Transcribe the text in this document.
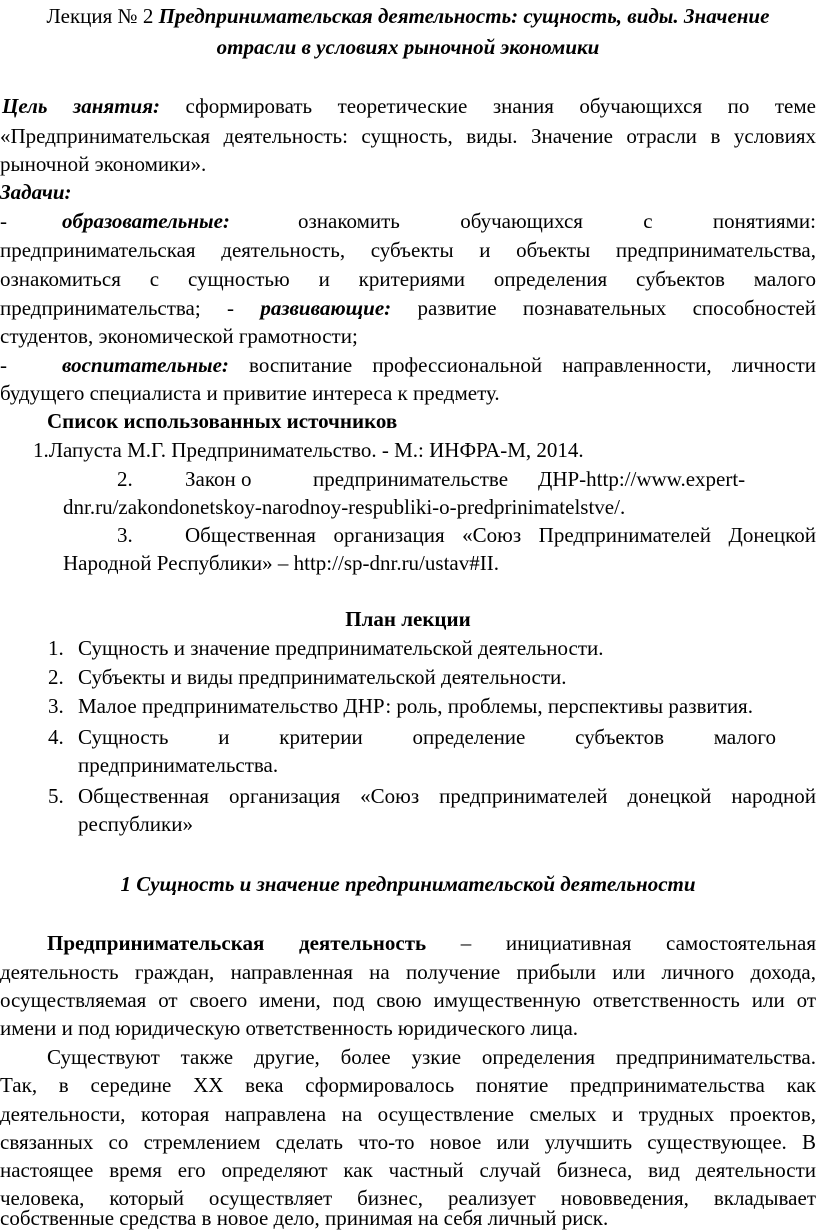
Лекция № 2 Предпринимательская деятельность: сущность, виды. Значение
отрасли в условиях рыночной экономики
Цель занятия: сформировать теоретические знания обучающихся по теме
«Предпринимательская деятельность: сущность, виды. Значение отрасли в условиях
рыночной экономики».
Задачи:
-	образовательные:	ознакомить обучающихся с понятиями:
предпринимательская деятельность, субъекты и объекты предпринимательства,
ознакомиться с сущностью и критериями определения субъектов малого
предпринимательства; - развивающие: развитие познавательных способностей
студентов, экономической грамотности;
-	воспитательные: воспитание профессиональной направленности, личности
будущего специалиста и привитие интереса к предмету.
Список использованных источников
1.Лапуста М.Г. Предпринимательство. - М.: ИНФРА-М, 2014.
2. Закон о	предпринимательстве ДНР-http://www.expert-
dnr.ru/zakondonetskoy-narodnoy-respubliki-o-predprinimatelstve/.
3. Общественная организация «Союз Предпринимателей Донецкой
Народной Республики» – http://sp-dnr.ru/ustav#II.
План лекции
1. Сущность и значение предпринимательской деятельности.
2. Субъекты и виды предпринимательской деятельности.
3. Малое предпринимательство ДНР: роль, проблемы, перспективы развития.
4. Сущность и критерии определение субъектов малого
предпринимательства.
5. Общественная организация «Союз предпринимателей донецкой народной
республики»
1 Сущность и значение предпринимательской деятельности
Предпринимательская деятельность – инициативная самостоятельная
деятельность граждан, направленная на получение прибыли или личного дохода,
осуществляемая от своего имени, под свою имущественную ответственность или от
имени и под юридическую ответственность юридического лица.
Существуют также другие, более узкие определения предпринимательства.
Так, в середине XX века сформировалось понятие предпринимательства как
деятельности, которая направлена на осуществление смелых и трудных проектов,
связанных со стремлением сделать что-то новое или улучшить существующее. В
настоящее время его определяют как частный случай бизнеса, вид деятельности
человека, который осуществляет бизнес, реализует нововведения, вкладывает
собственные средства в новое дело, принимая на себя личный риск.
